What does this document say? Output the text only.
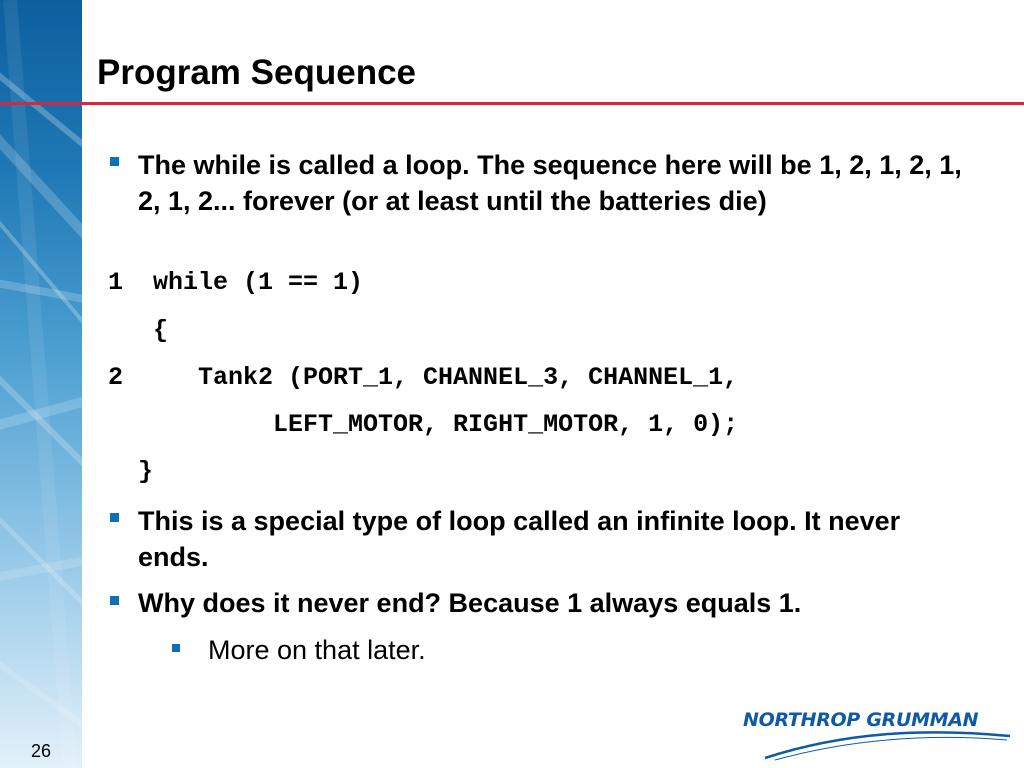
26
Program Sequence

The while is called a loop. The sequence here will be 1, 2, 1, 2, 1, 2, 1, 2... forever (or at least until the batteries die)

1  while (1 == 1)

{

2     Tank2 (PORT_1, CHANNEL_3, CHANNEL_1,

LEFT_MOTOR, RIGHT_MOTOR, 1, 0);

}

This is a special type of loop called an infinite loop. It never ends.

Why does it never end? Because 1 always equals 1.

More on that later.

NORTHROP GRUMMAN
